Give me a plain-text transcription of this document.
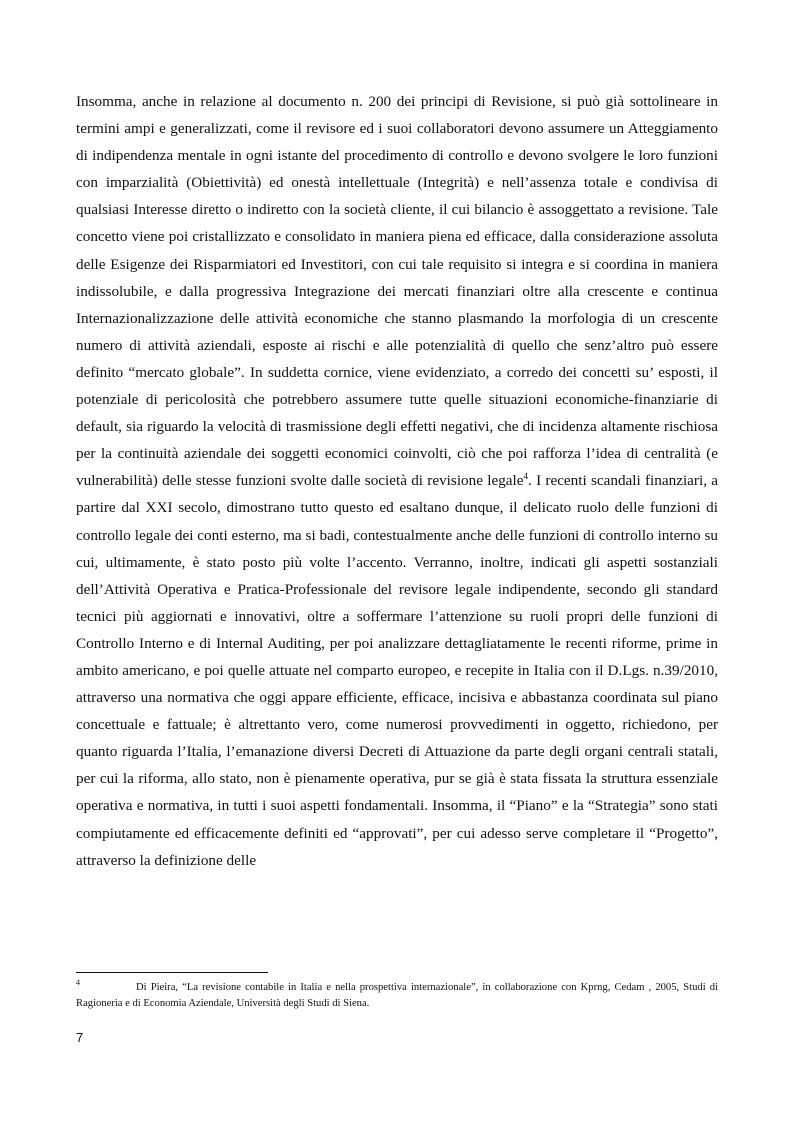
Insomma, anche in relazione al documento n. 200 dei principi di Revisione, si può già sottolineare in termini ampi e generalizzati, come il revisore ed i suoi collaboratori devono assumere un Atteggiamento di indipendenza mentale in ogni istante del procedimento di controllo e devono svolgere le loro funzioni con imparzialità (Obiettività) ed onestà intellettuale (Integrità) e nell’assenza totale e condivisa di qualsiasi Interesse diretto o indiretto con la società cliente, il cui bilancio è assoggettato a revisione. Tale concetto viene poi cristallizzato e consolidato in maniera piena ed efficace, dalla considerazione assoluta delle Esigenze dei Risparmiatori ed Investitori, con cui tale requisito si integra e si coordina in maniera indissolubile, e dalla progressiva Integrazione dei mercati finanziari oltre alla crescente e continua Internazionalizzazione delle attività economiche che stanno plasmando la morfologia di un crescente numero di attività aziendali, esposte ai rischi e alle potenzialità di quello che senz’altro può essere definito “mercato globale”. In suddetta cornice, viene evidenziato, a corredo dei concetti su’ esposti, il potenziale di pericolosità che potrebbero assumere tutte quelle situazioni economiche-finanziarie di default, sia riguardo la velocità di trasmissione degli effetti negativi, che di incidenza altamente rischiosa per la continuità aziendale dei soggetti economici coinvolti, ciò che poi rafforza l’idea di centralità (e vulnerabilità) delle stesse funzioni svolte dalle società di revisione legale$^4$. I recenti scandali finanziari, a partire dal XXI secolo, dimostrano tutto questo ed esaltano dunque, il delicato ruolo delle funzioni di controllo legale dei conti esterno, ma si badi, contestualmente anche delle funzioni di controllo interno su cui, ultimamente, è stato posto più volte l’accento. Verranno, inoltre, indicati gli aspetti sostanziali dell’Attività Operativa e Pratica-Professionale del revisore legale indipendente, secondo gli standard tecnici più aggiornati e innovativi, oltre a soffermare l’attenzione su ruoli propri delle funzioni di Controllo Interno e di Internal Auditing, per poi analizzare dettagliatamente le recenti riforme, prime in ambito americano, e poi quelle attuate nel comparto europeo, e recepite in Italia con il D.Lgs. n.39/2010, attraverso una normativa che oggi appare efficiente, efficace, incisiva e abbastanza coordinata sul piano concettuale e fattuale; è altrettanto vero, come numerosi provvedimenti in oggetto, richiedono, per quanto riguarda l’Italia, l’emanazione diversi Decreti di Attuazione da parte degli organi centrali statali, per cui la riforma, allo stato, non è pienamente operativa, pur se già è stata fissata la struttura essenziale operativa e normativa, in tutti i suoi aspetti fondamentali. Insomma, il “Piano” e la “Strategia” sono stati compiutamente ed efficacemente definiti ed “approvati”, per cui adesso serve completare il “Progetto”, attraverso la definizione delle

$^4$	Di Pieira, “La revisione contabile in Italia e nella prospettiva internazionale”, in collaborazione con Kprng, Cedam , 2005, Studi di Ragioneria e di Economia Aziendale, Università degli Studi di Siena.

7
